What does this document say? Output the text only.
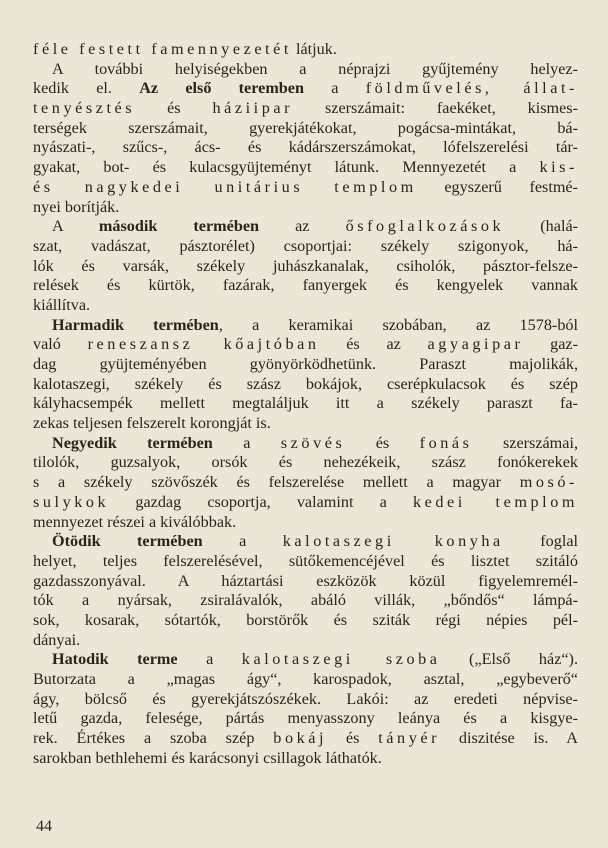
féle festett famennyezetét látjuk.
A további helyiségekben a néprajzi gyűjtemény helyez-
kedik el. Az első teremben a földművelés, állat-
tenyésztés és háziipar szerszámait: faekéket, kismes-
terségek szerszámait, gyerekjátékokat, pogácsa-mintákat, bá-
nyászati-, szűcs-, ács- és kádárszerszámokat, lófelszerelési tár-
gyakat, bot- és kulacsgyüjteményt látunk. Mennyezetét a kis-
és nagykedei unitárius templom egyszerű festmé-
nyei borítják.
A második termében az ősfoglalkozások (halá-
szat, vadászat, pásztorélet) csoportjai: székely szigonyok, há-
lók és varsák, székely juhászkanalak, csiholók, pásztor-felsze-
relések és kürtök, fazárak, fanyergek és kengyelek vannak
kiállítva.
Harmadik termében, a keramikai szobában, az 1578-ból
való reneszansz kőajtóban és az agyagipar gaz-
dag gyüjteményében gyönyörködhetünk. Paraszt majolikák,
kalotaszegi, székely és szász bokájok, cserépkulacsok és szép
kályhacsempék mellett megtaláljuk itt a székely paraszt fa-
zekas teljesen felszerelt korongját is.
Negyedik termében a szövés és fonás szerszámai,
tilolók, guzsalyok, orsók és nehezékeik, szász fonókerekek
s a székely szövőszék és felszerelése mellett a magyar mosó-
sulykok gazdag csoportja, valamint a kedei templom
mennyezet részei a kiválóbbak.
Ötödik termében a kalotaszegi konyha foglal
helyet, teljes felszerelésével, sütőkemencéjével és lisztet szitáló
gazdasszonyával. A háztartási eszközök közül figyelemremél-
tók a nyársak, zsiralávalók, abáló villák, „bőndős“ lámpá-
sok, kosarak, sótartók, borstörők és sziták régi népies pél-
dányai.
Hatodik terme a kalotaszegi szoba („Első ház“).
Butorzata a „magas ágy“, karospadok, asztal, „egybeverő“
ágy, bölcső és gyerekjátszószékek. Lakói: az eredeti népvise-
letű gazda, felesége, pártás menyasszony leánya és a kisgye-
rek. Értékes a szoba szép bokáj és tányér diszitése is. A
sarokban bethlehemi és karácsonyi csillagok láthatók.
44
